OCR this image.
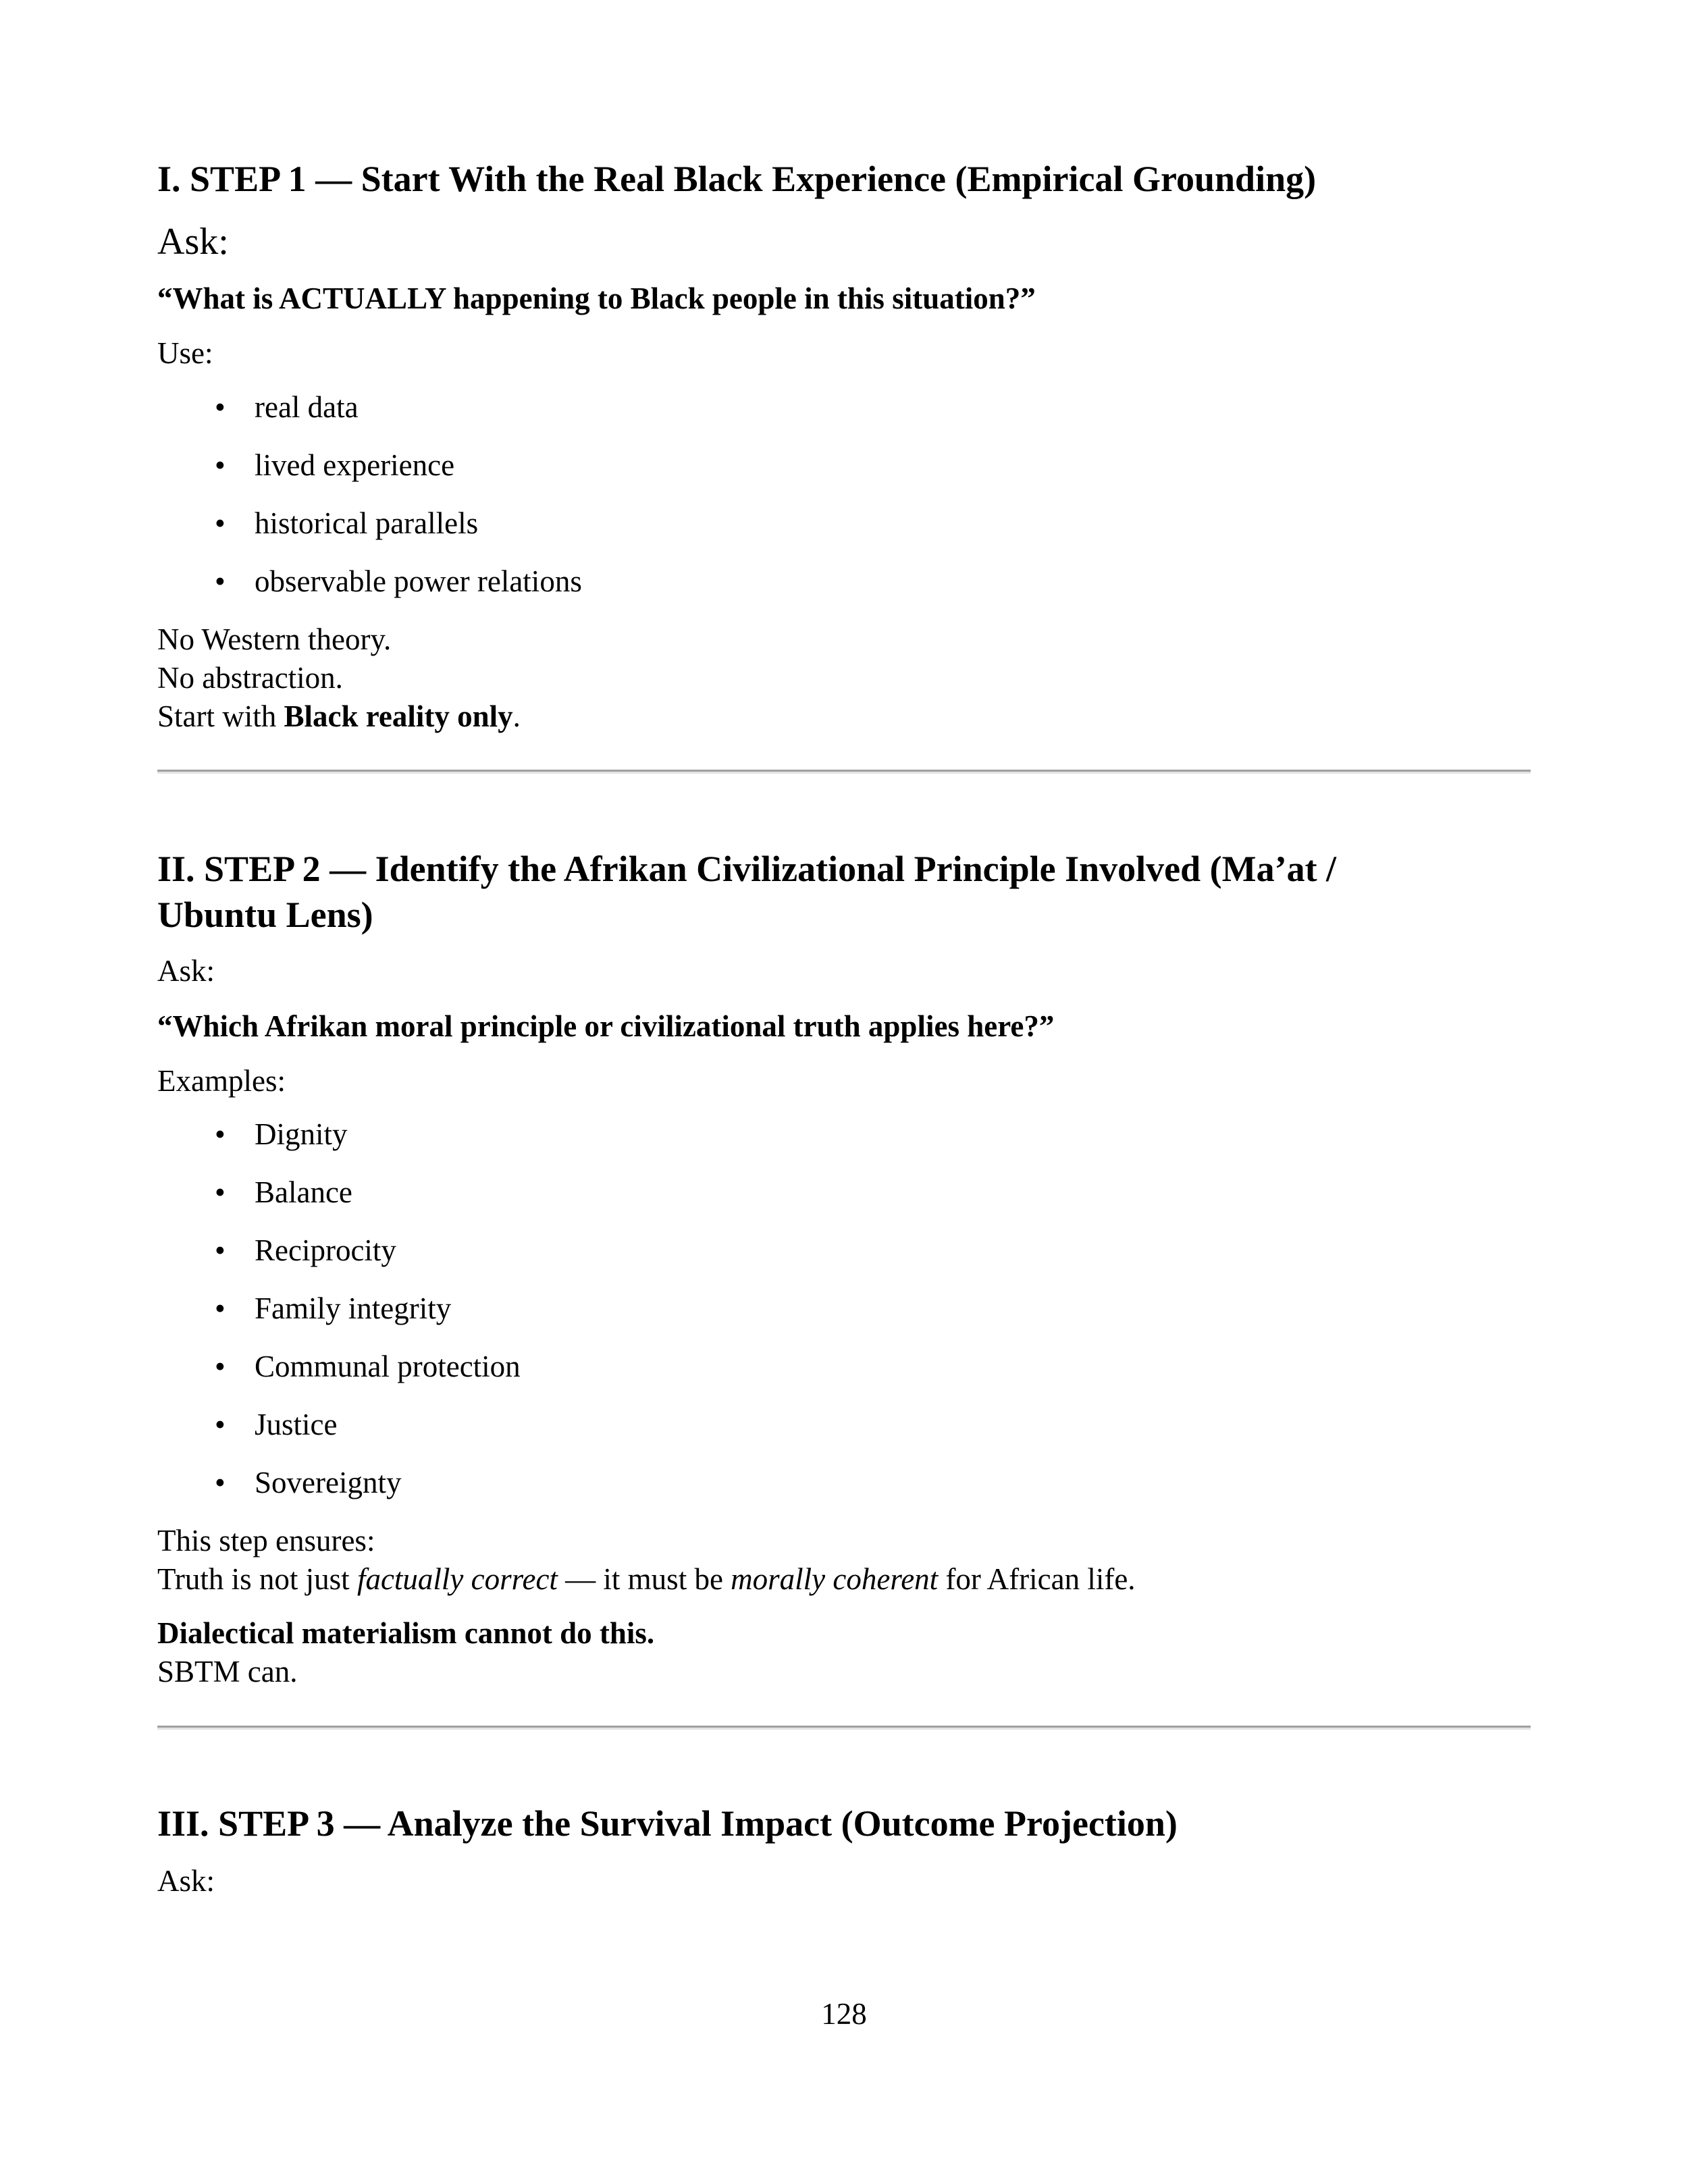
I. STEP 1 — Start With the Real Black Experience (Empirical Grounding)

Ask:

“What is ACTUALLY happening to Black people in this situation?”

Use:

• real data
• lived experience
• historical parallels
• observable power relations

No Western theory.

No abstraction.

Start with Black reality only.

II. STEP 2 — Identify the Afrikan Civilizational Principle Involved (Ma’at /
Ubuntu Lens)

Ask:

“Which Afrikan moral principle or civilizational truth applies here?”

Examples:

• Dignity
• Balance
• Reciprocity
• Family integrity
• Communal protection
• Justice
• Sovereignty

This step ensures:

Truth is not just factually correct — it must be morally coherent for African life.

Dialectical materialism cannot do this.

SBTM can.

III. STEP 3 — Analyze the Survival Impact (Outcome Projection)

Ask:

128
